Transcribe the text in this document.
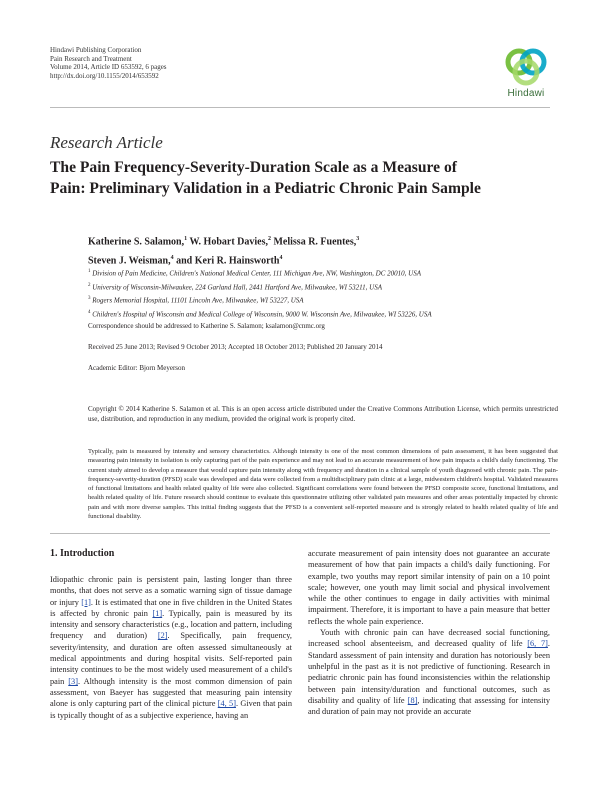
Hindawi Publishing Corporation
Pain Research and Treatment
Volume 2014, Article ID 653592, 6 pages
http://dx.doi.org/10.1155/2014/653592
Hindawi
Research Article
The Pain Frequency-Severity-Duration Scale as a Measure of
Pain: Preliminary Validation in a Pediatric Chronic Pain Sample
Katherine S. Salamon,$^1$ W. Hobart Davies,$^2$ Melissa R. Fuentes,$^3$
Steven J. Weisman,$^4$ and Keri R. Hainsworth$^4$
$^1$ Division of Pain Medicine, Children's National Medical Center, 111 Michigan Ave, NW, Washington, DC 20010, USA
$^2$ University of Wisconsin-Milwaukee, 224 Garland Hall, 2441 Hartford Ave, Milwaukee, WI 53211, USA
$^3$ Rogers Memorial Hospital, 11101 Lincoln Ave, Milwaukee, WI 53227, USA
$^4$ Children's Hospital of Wisconsin and Medical College of Wisconsin, 9000 W. Wisconsin Ave, Milwaukee, WI 53226, USA
Correspondence should be addressed to Katherine S. Salamon; ksalamon@cnmc.org
Received 25 June 2013; Revised 9 October 2013; Accepted 18 October 2013; Published 20 January 2014
Academic Editor: Bjorn Meyerson
Copyright © 2014 Katherine S. Salamon et al. This is an open access article distributed under the Creative Commons Attribution License, which permits unrestricted use, distribution, and reproduction in any medium, provided the original work is properly cited.
Typically, pain is measured by intensity and sensory characteristics. Although intensity is one of the most common dimensions of pain assessment, it has been suggested that measuring pain intensity in isolation is only capturing part of the pain experience and may not lead to an accurate measurement of how pain impacts a child's daily functioning. The current study aimed to develop a measure that would capture pain intensity along with frequency and duration in a clinical sample of youth diagnosed with chronic pain. The pain-frequency-severity-duration (PFSD) scale was developed and data were collected from a multidisciplinary pain clinic at a large, midwestern children's hospital. Validated measures of functional limitations and health related quality of life were also collected. Significant correlations were found between the PFSD composite score, functional limitations, and health related quality of life. Future research should continue to evaluate this questionnaire utilizing other validated pain measures and other areas potentially impacted by chronic pain and with more diverse samples. This initial finding suggests that the PFSD is a convenient self-reported measure and is strongly related to health related quality of life and functional disability.
1. Introduction

Idiopathic chronic pain is persistent pain, lasting longer than three months, that does not serve as a somatic warning sign of tissue damage or injury [1]. It is estimated that one in five children in the United States is affected by chronic pain [1]. Typically, pain is measured by its intensity and sensory characteristics (e.g., location and pattern, including frequency and duration) [2]. Specifically, pain frequency, severity/intensity, and duration are often assessed simultaneously at medical appointments and during hospital visits. Self-reported pain intensity continues to be the most widely used measurement of a child's pain [3]. Although intensity is the most common dimension of pain assessment, von Baeyer has suggested that measuring pain intensity alone is only capturing part of the clinical picture [4, 5]. Given that pain is typically thought of as a subjective experience, having an

accurate measurement of pain intensity does not guarantee an accurate measurement of how that pain impacts a child's daily functioning. For example, two youths may report similar intensity of pain on a 10 point scale; however, one youth may limit social and physical involvement while the other continues to engage in daily activities with minimal impairment. Therefore, it is important to have a pain measure that better reflects the whole pain experience.

Youth with chronic pain can have decreased social functioning, increased school absenteeism, and decreased quality of life [6, 7]. Standard assessment of pain intensity and duration has notoriously been unhelpful in the past as it is not predictive of functioning. Research in pediatric chronic pain has found inconsistencies within the relationship between pain intensity/duration and functional outcomes, such as disability and quality of life [8], indicating that assessing for intensity and duration of pain may not provide an accurate
